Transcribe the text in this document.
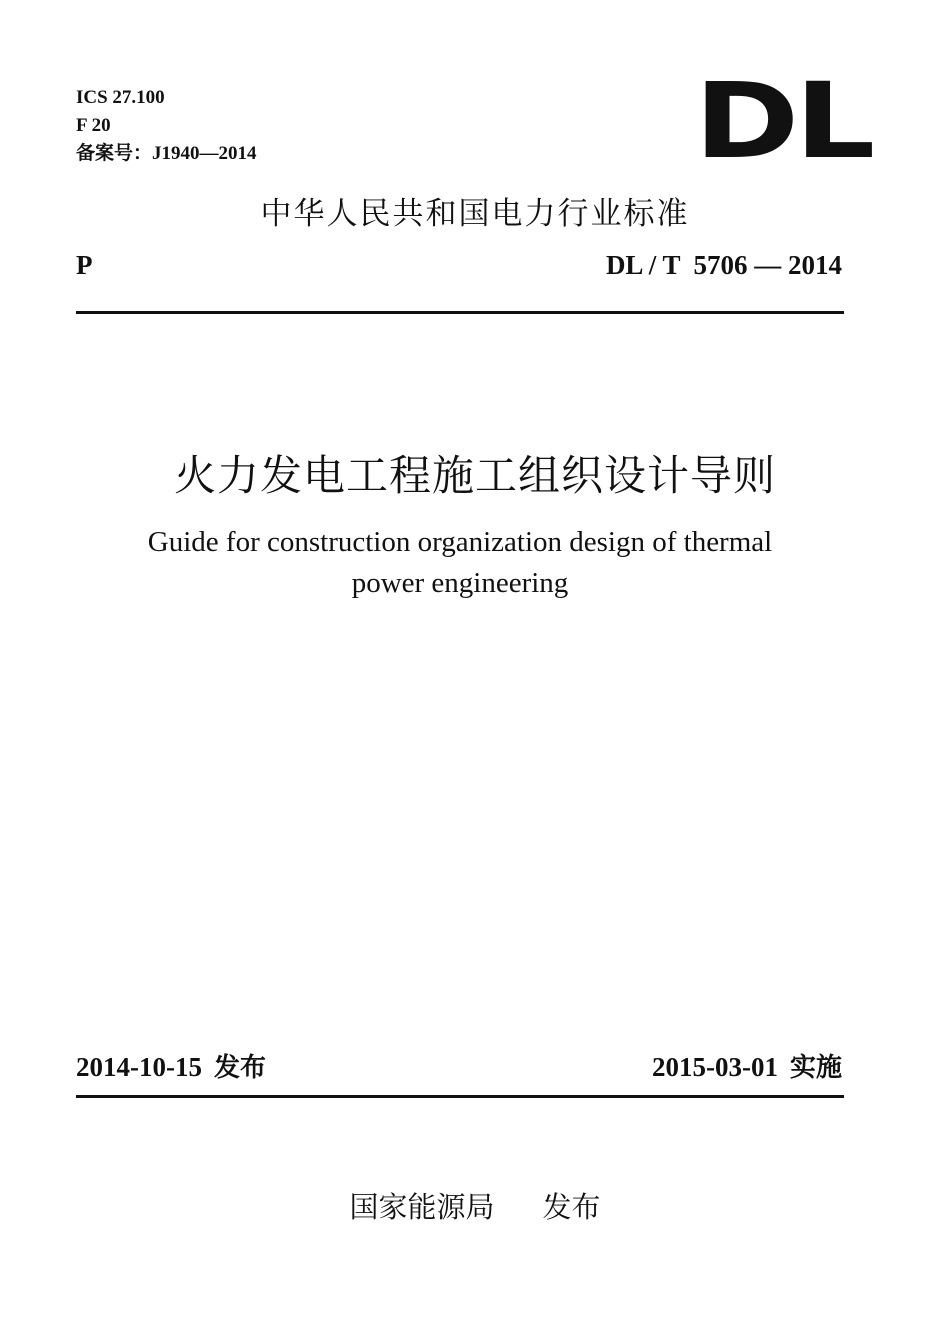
ICS 27.100
F 20
备案号：J1940—2014	DL
中华人民共和国电力行业标准
P	DL / T  5706 — 2014
火力发电工程施工组织设计导则
Guide for construction organization design of thermal
power engineering
2014-10-15 发布	2015-03-01 实施
国家能源局 发布
